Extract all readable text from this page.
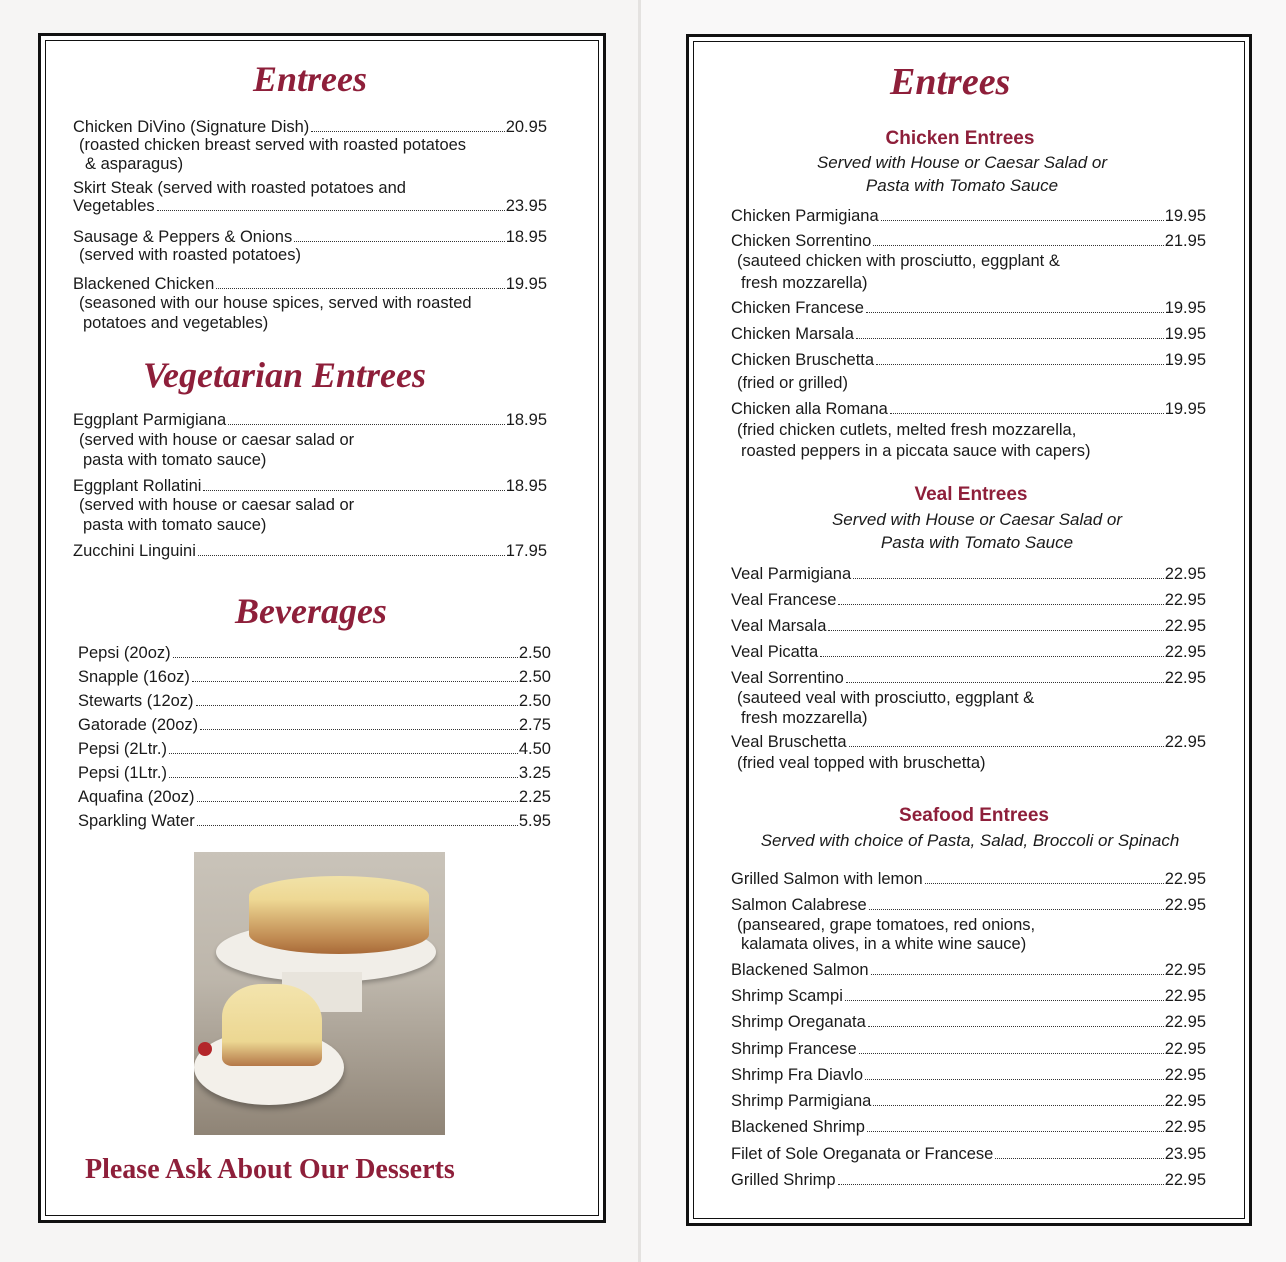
Entrees
Chicken DiVino (Signature Dish)	20.95
(roasted chicken breast served with roasted potatoes
& asparagus)
Skirt Steak (served with roasted potatoes and
Vegetables	23.95
Sausage & Peppers & Onions	18.95
(served with roasted potatoes)
Blackened Chicken	19.95
(seasoned with our house spices, served with roasted
potatoes and vegetables)
Vegetarian Entrees
Eggplant Parmigiana	18.95
(served with house or caesar salad or
pasta with tomato sauce)
Eggplant Rollatini	18.95
(served with house or caesar salad or
pasta with tomato sauce)
Zucchini Linguini	17.95
Beverages
Pepsi (20oz)	2.50
Snapple (16oz)	2.50
Stewarts (12oz)	2.50
Gatorade (20oz)	2.75
Pepsi (2Ltr.)	4.50
Pepsi (1Ltr.)	3.25
Aquafina (20oz)	2.25
Sparkling Water	5.95

Please Ask About Our Desserts

Entrees

Chicken Entrees

Served with House or Caesar Salad or

Pasta with Tomato Sauce

Chicken Parmigiana	19.95
Chicken Sorrentino	21.95
(sauteed chicken with prosciutto, eggplant &
fresh mozzarella)
Chicken Francese	19.95
Chicken Marsala	19.95
Chicken Bruschetta	19.95
(fried or grilled)
Chicken alla Romana	19.95
(fried chicken cutlets, melted fresh mozzarella,
roasted peppers in a piccata sauce with capers)

Veal Entrees

Served with House or Caesar Salad or

Pasta with Tomato Sauce

Veal Parmigiana	22.95
Veal Francese	22.95
Veal Marsala	22.95
Veal Picatta	22.95
Veal Sorrentino	22.95
(sauteed veal with prosciutto, eggplant &
fresh mozzarella)
Veal Bruschetta	22.95
(fried veal topped with bruschetta)

Seafood Entrees

Served with choice of Pasta, Salad, Broccoli or Spinach

Grilled Salmon with lemon	22.95
Salmon Calabrese	22.95
(panseared, grape tomatoes, red onions,
kalamata olives, in a white wine sauce)
Blackened Salmon	22.95
Shrimp Scampi	22.95
Shrimp Oreganata	22.95
Shrimp Francese	22.95
Shrimp Fra Diavlo	22.95
Shrimp Parmigiana	22.95
Blackened Shrimp	22.95
Filet of Sole Oreganata or Francese	23.95
Grilled Shrimp	22.95
